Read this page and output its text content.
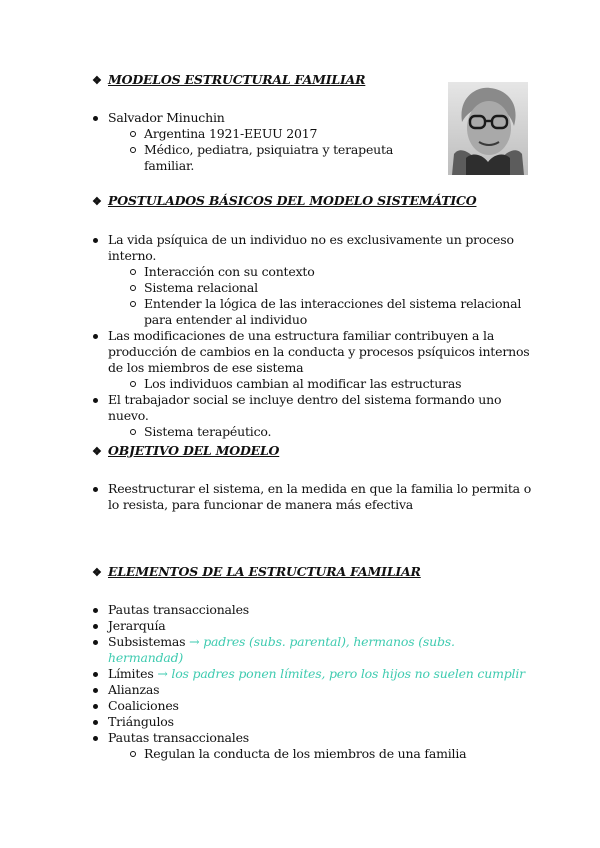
❖ MODELOS ESTRUCTURAL FAMILIAR
Salvador Minuchin
Argentina 1921-EEUU 2017
Médico, pediatra, psiquiatra y terapeuta familiar.
❖ POSTULADOS BÁSICOS DEL MODELO SISTEMÁTICO
La vida psíquica de un individuo no es exclusivamente un proceso interno.
Interacción con su contexto
Sistema relacional
Entender la lógica de las interacciones del sistema relacional para entender al individuo
Las modificaciones de una estructura familiar contribuyen a la producción de cambios en la conducta y procesos psíquicos internos de los miembros de ese sistema
Los individuos cambian al modificar las estructuras
El trabajador social se incluye dentro del sistema formando uno nuevo.
Sistema terapéutico.
❖ OBJETIVO DEL MODELO
Reestructurar el sistema, en la medida en que la familia lo permita o lo resista, para funcionar de manera más efectiva
❖ ELEMENTOS DE LA ESTRUCTURA FAMILIAR
Pautas transaccionales
Jerarquía
Subsistemas → padres (subs. parental), hermanos (subs. hermandad)
Límites → los padres ponen límites, pero los hijos no suelen cumplir
Alianzas
Coaliciones
Triángulos
Pautas transaccionales
Regulan la conducta de los miembros de una familia
